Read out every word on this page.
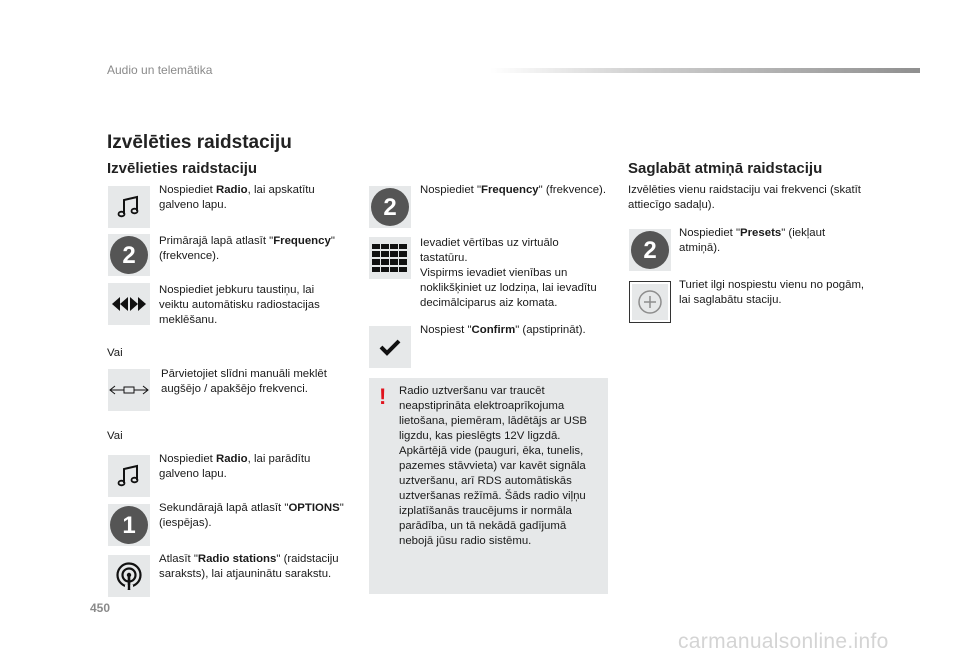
Audio un telemātika
Izvēlēties raidstaciju
Izvēlieties raidstaciju
Nospiediet Radio, lai apskatītu galveno lapu.
2
Primārajā lapā atlasīt "Frequency" (frekvence).
Nospiediet jebkuru taustiņu, lai veiktu automātisku radiostacijas meklēšanu.
Vai
Pārvietojiet slīdni manuāli meklēt augšējo / apakšējo frekvenci.
Vai
Nospiediet Radio, lai parādītu galveno lapu.
1
Sekundārajā lapā atlasīt "OPTIONS" (iespējas).
Atlasīt "Radio stations" (raidstaciju saraksts), lai atjauninātu sarakstu.
2
Nospiediet "Frequency" (frekvence).
Ievadiet vērtības uz virtuālo tastatūru.
Vispirms ievadiet vienības un noklikšķiniet uz lodziņa, lai ievadītu decimālciparus aiz komata.
Nospiest "Confirm" (apstiprināt).
! Radio uztveršanu var traucēt neapstiprināta elektroaprīkojuma lietošana, piemēram, lādētājs ar USB ligzdu, kas pieslēgts 12V ligzdā.
Apkārtējā vide (pauguri, ēka, tunelis, pazemes stāvvieta) var kavēt signāla uztveršanu, arī RDS automātiskās uztveršanas režīmā. Šāds radio viļņu izplatīšanās traucējums ir normāla parādība, un tā nekādā gadījumā nebojā jūsu radio sistēmu.
Saglabāt atmiņā raidstaciju
Izvēlēties vienu raidstaciju vai frekvenci (skatīt attiecīgo sadaļu).
2
Nospiediet "Presets" (iekļaut atmiņā).
Turiet ilgi nospiestu vienu no pogām, lai saglabātu staciju.
450
carmanualsonline.info
